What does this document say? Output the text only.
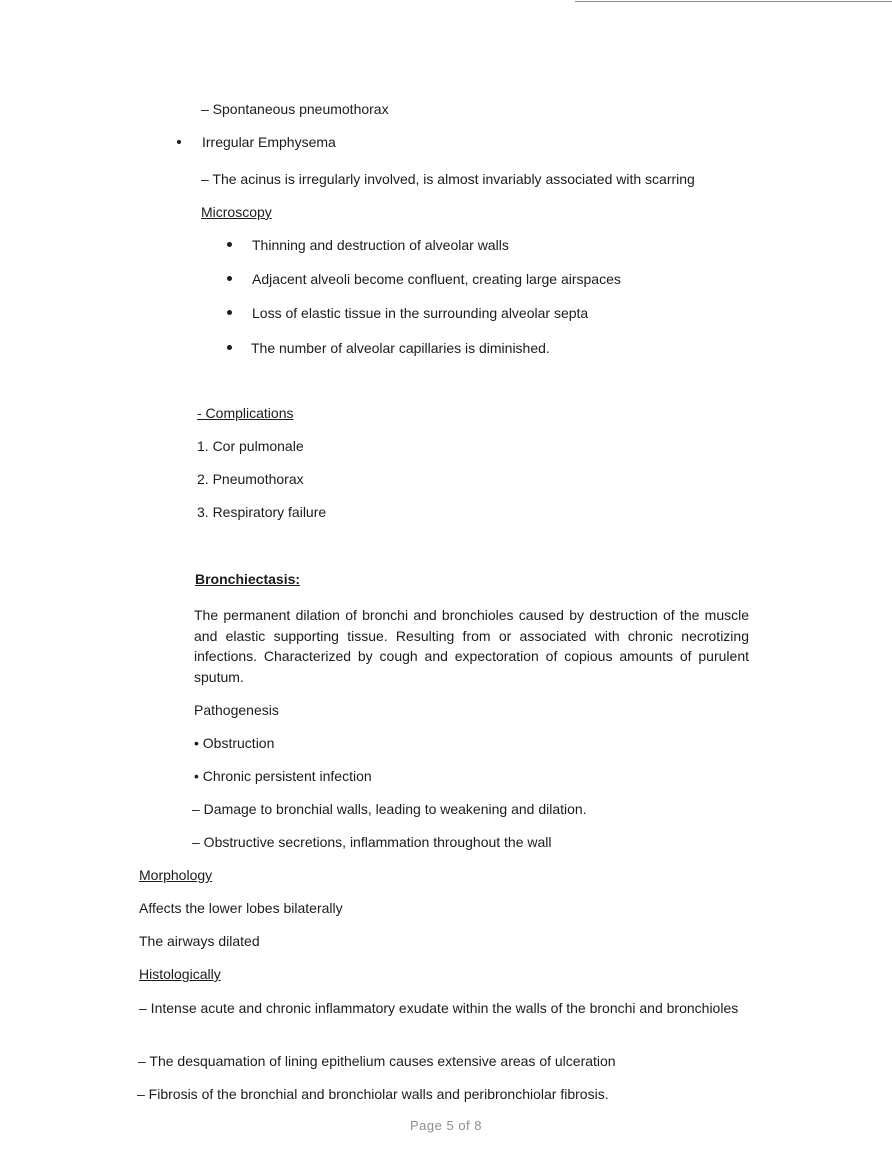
– Spontaneous pneumothorax
Irregular Emphysema
– The acinus is irregularly involved, is almost invariably associated with scarring
Microscopy
Thinning and destruction of alveolar walls
Adjacent alveoli become confluent, creating large airspaces
Loss of elastic tissue in the surrounding alveolar septa
The number of alveolar capillaries is diminished.
- Complications
1. Cor pulmonale
2. Pneumothorax
3. Respiratory failure
Bronchiectasis:
The permanent dilation of bronchi and bronchioles caused by destruction of the muscle and elastic supporting tissue. Resulting from or associated with chronic necrotizing infections. Characterized by cough and expectoration of copious amounts of purulent sputum.
Pathogenesis
• Obstruction
• Chronic persistent infection
– Damage to bronchial walls, leading to weakening and dilation.
– Obstructive secretions, inflammation throughout the wall
Morphology
Affects the lower lobes bilaterally
The airways dilated
Histologically
– Intense acute and chronic inflammatory exudate within the walls of the bronchi and bronchioles
– The desquamation of lining epithelium causes extensive areas of ulceration
– Fibrosis of the bronchial and bronchiolar walls and peribronchiolar fibrosis.
Page 5 of 8
